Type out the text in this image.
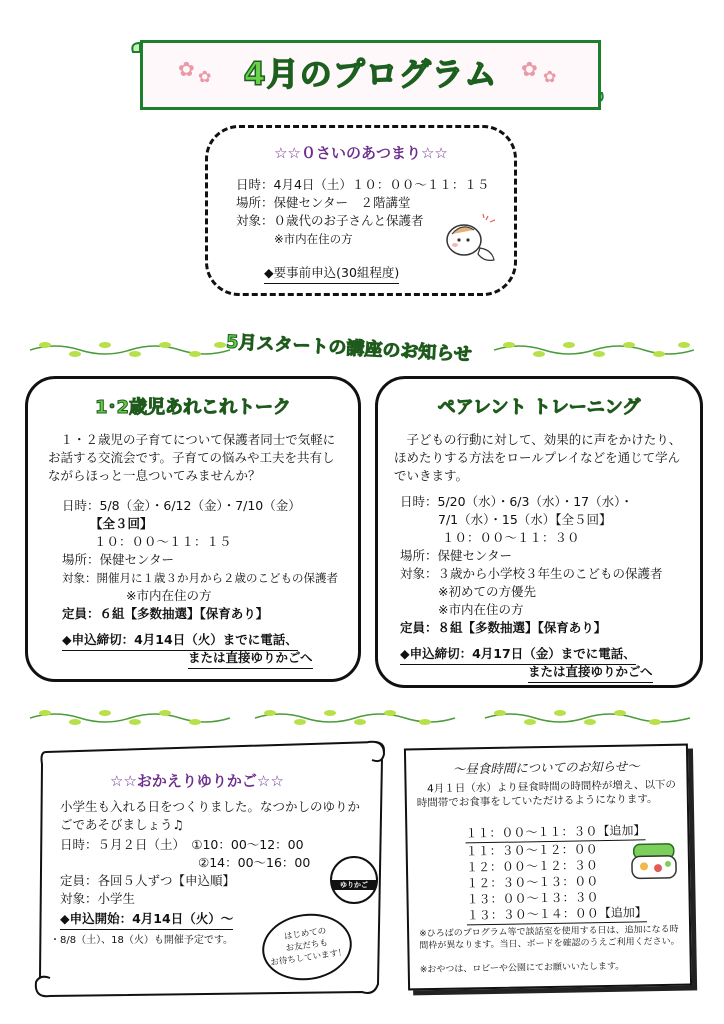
✿ ✿	4月のプログラム	✿ ✿
☆☆０さいのあつまり☆☆
日時：4月4日（土）１０：００～１１：１５
場所：保健センター　２階講堂
対象：０歳代のお子さんと保護者
※市内在住の方
◆要事前申込(30組程度)
5月スタートの講座のお知らせ
1･2歳児あれこれトーク
　１・２歳児の子育てについて保護者同士で気軽にお話する交流会です。子育ての悩みや工夫を共有しながらほっと一息ついてみませんか？
日時：5/8（金）・6/12（金）・7/10（金）
【全３回】
１０：００～１１：１５
場所：保健センター
対象：開催月に１歳３か月から２歳のこどもの保護者
※市内在住の方
定員：６組【多数抽選】【保育あり】
◆申込締切：4月14日（火）までに電話、
または直接ゆりかごへ
ペアレント トレーニング
　子どもの行動に対して、効果的に声をかけたり、ほめたりする方法をロールプレイなどを通じて学んでいきます。
日時：5/20（水）・6/3（水）・17（水）・
7/1（水）・15（水）【全５回】
１０：００～１１：３０
場所：保健センター
対象：３歳から小学校３年生のこどもの保護者
※初めての方優先
※市内在住の方
定員：８組【多数抽選】【保育あり】
◆申込締切：4月17日（金）までに電話、
または直接ゆりかごへ
☆☆おかえりゆりかご☆☆
小学生も入れる日をつくりました。なつかしのゆりかごであそびましょう♫
日時：５月２日（土）　①10：00～12：00
②14：00～16：00
定員：各回５人ずつ【申込順】
対象：小学生
◆申込開始：4月14日（火）～
・8/8（土）、18（火）も開催予定です。
ゆりかご
はじめての
お友だちも
お待ちしています！
～昼食時間についてのお知らせ～
　4月１日（水）より昼食時間の時間枠が増え、以下の時間帯でお食事をしていただけるようになります。
１１：００～１１：３０【追加】
１１：３０～１２：００
１２：００～１２：３０
１２：３０～１３：００
１３：００～１３：３０
１３：３０～１４：００【追加】
※ひろばのプログラム等で談話室を使用する日は、追加になる時間枠が異なります。当日、ボードを確認のうえご利用ください。
※おやつは、ロビーや公園にてお願いいたします。
